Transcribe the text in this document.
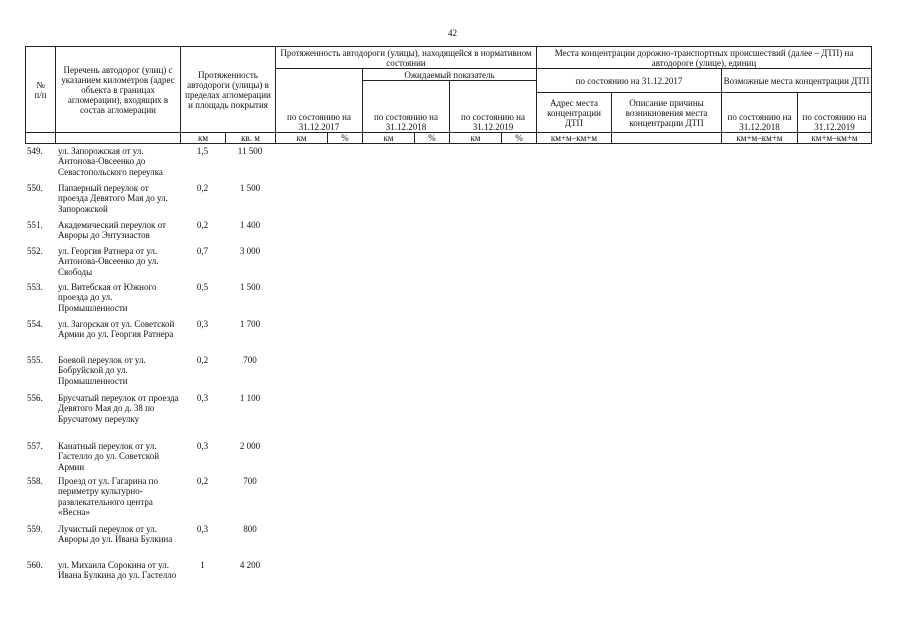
42
№
п/п	Перечень автодорог (улиц) с указанием километров (адрес объекта в границах агломерации), входящих в состав агломерации	Протяженность автодороги (улицы) в пределах агломерации и площадь покрытия		Протяженность автодороги (улицы), находящейся в нормативном состоянии						Места концентрации дорожно-транспортных происшествий (далее – ДТП) на автодороге (улице), единиц			
				по состоянию на 31.12.2017		Ожидаемый показатель				по состоянию на 31.12.2017		Возможные места концентрации ДТП	
						по состоянию на 31.12.2018		по состоянию на 31.12.2019					
										Адрес места концентрации ДТП	Описание причины возникновения места концентрации ДТП	по состоянию на 31.12.2018	по состоянию на 31.12.2019
		км	кв. м	км	%	км	%	км	%	км+м–км+м		км+м–км+м	км+м–км+м
549.	ул. Запорожская от ул. Антонова-Овсеенко до Севастопольского переулка	1,5	11 500
550.	Папаерный переулок от проезда Девятого Мая до ул. Запорожской	0,2	1 500
551.	Академический переулок от Авроры до Энтузиастов	0,2	1 400
552.	ул. Георгия Ратнера от ул. Антонова-Овсеенко до ул. Свободы	0,7	3 000
553.	ул. Витебская от Южного проезда до ул. Промышленности	0,5	1 500
554.	ул. Загорская от ул. Советской Армии до ул. Георгия Ратнера	0,3	1 700
555.	Боевой переулок от ул. Бобруйской до ул. Промышленности	0,2	700
556.	Брусчатый переулок от проезда Девятого Мая до д. 38 по Брусчатому переулку	0,3	1 100
557.	Канатный переулок от ул. Гастелло до ул. Советской Армии	0,3	2 000
558.	Проезд от ул. Гагарина по периметру культурно-развлекательного центра «Весна»	0,2	700
559.	Лучистый переулок от ул. Авроры до ул. Ивана Булкина	0,3	800
560.	ул. Михаила Сорокина от ул. Ивана Булкина до ул. Гастелло	1	4 200
